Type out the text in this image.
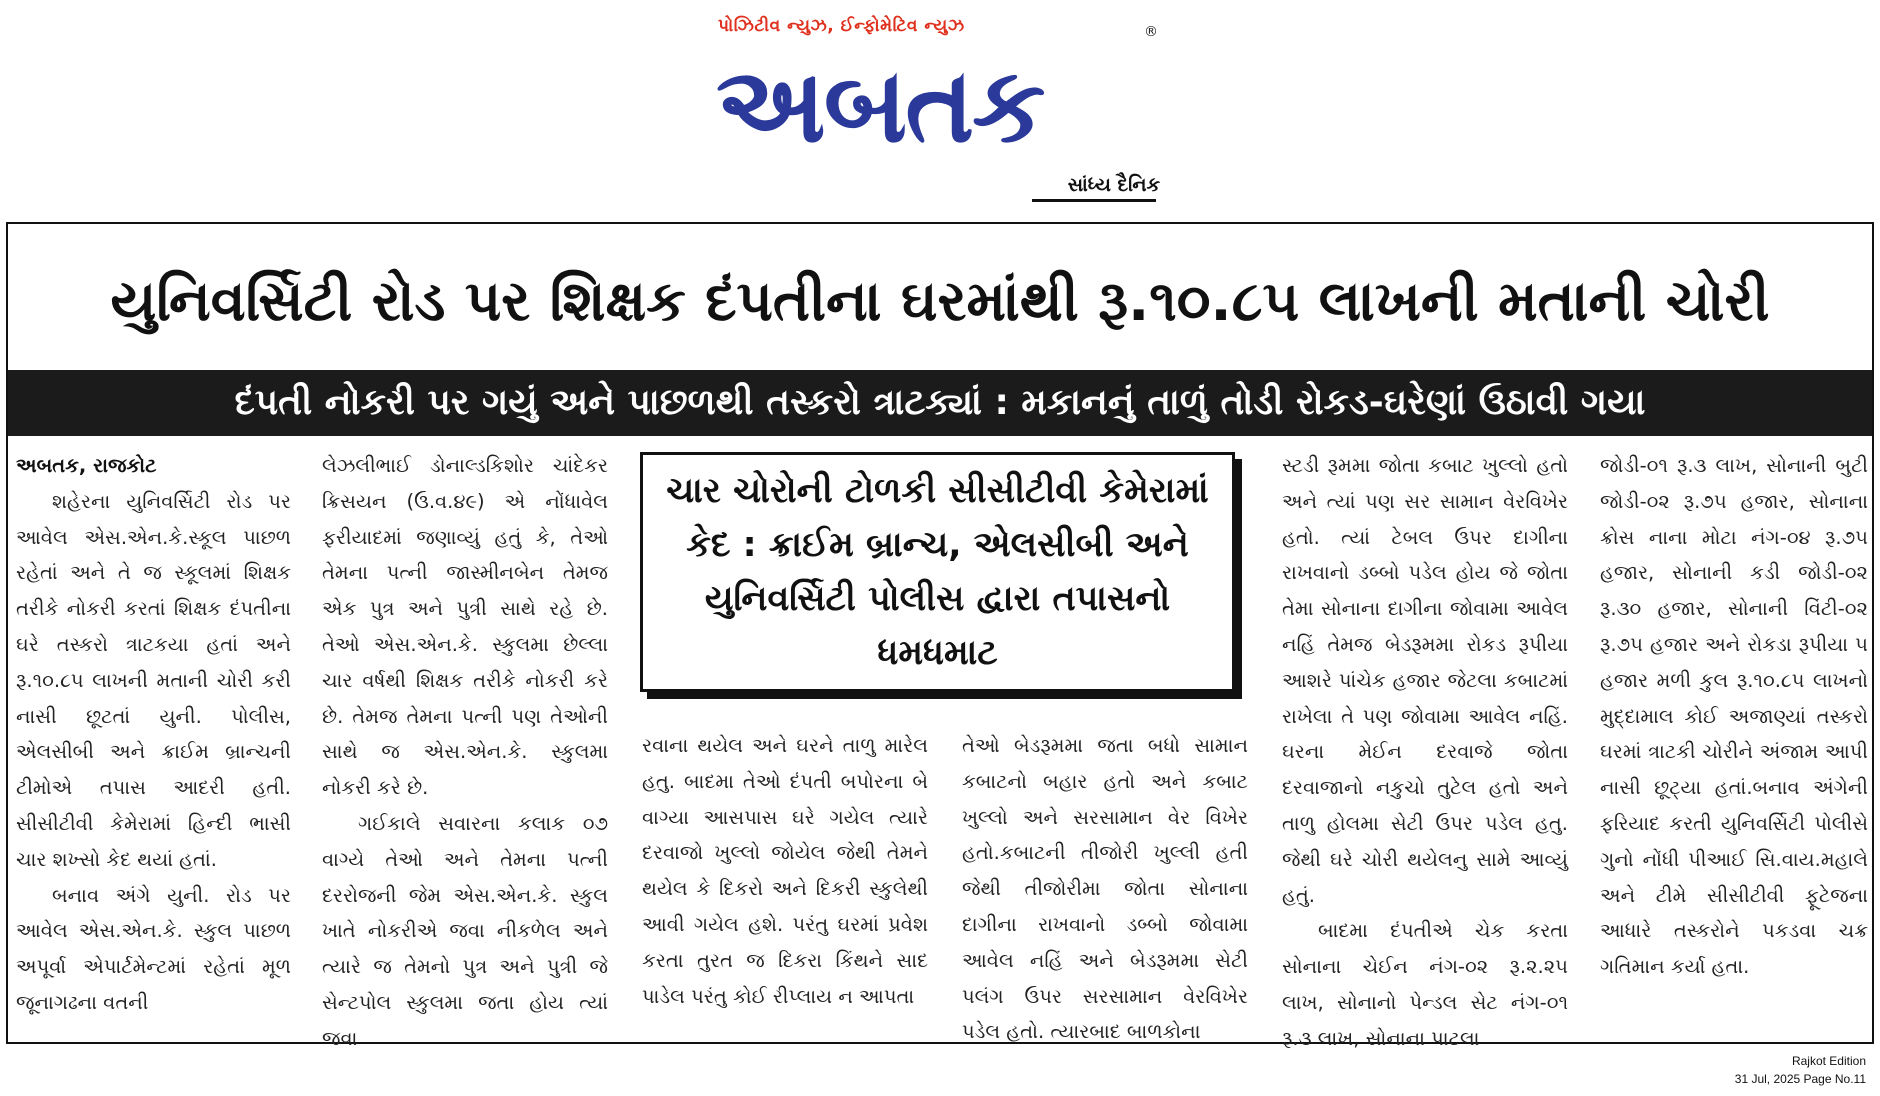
પોઝિટીવ ન્યુઝ, ઈન્ફોમેટિવ ન્યુઝ	®
અબતક
સાંધ્ય દૈનિક
યુનિવર્સિટી રોડ પર શિક્ષક દંપતીના ઘરમાંથી રૂ.૧૦.૮૫ લાખની મતાની ચોરી
દંપતી નોકરી પર ગયું અને પાછળથી તસ્કરો ત્રાટક્યાં : મકાનનું તાળું તોડી રોકડ-ઘરેણાં ઉઠાવી ગયા

અબતક, રાજકોટ

શહેરના યુનિવર્સિટી રોડ પર આવેલ એસ.એન.કે.સ્કૂલ પાછળ રહેતાં અને તે જ સ્કૂલમાં શિક્ષક તરીકે નોકરી કરતાં શિક્ષક દંપતીના ઘરે તસ્કરો ત્રાટકયા હતાં અને રૂ.૧૦.૮૫ લાખની મતાની ચોરી કરી નાસી છૂટતાં યુની. પોલીસ, એલસીબી અને ક્રાઈમ બ્રાન્ચની ટીમોએ તપાસ આદરી હતી. સીસીટીવી કેમેરામાં હિન્દી ભાસી ચાર શખ્સો કેદ થયાં હતાં.

બનાવ અંગે યુની. રોડ પર આવેલ એસ.એન.કે. સ્કુલ પાછળ અપૂર્વા એપાર્ટમેન્ટમાં રહેતાં મૂળ જૂનાગઢના વતની

લેઝલીભાઈ ડોનાલ્ડકિશોર ચાંદેકર ક્રિસયન (ઉ.વ.૪૯) એ નોંધાવેલ ફરીયાદમાં જણાવ્યું હતું કે, તેઓ તેમના પત્ની જાસ્મીનબેન તેમજ એક પુત્ર અને પુત્રી સાથે રહે છે. તેઓ એસ.એન.કે. સ્કુલમા છેલ્લા ચાર વર્ષથી શિક્ષક તરીકે નોકરી કરે છે. તેમજ તેમના પત્ની પણ તેઓની સાથે જ એસ.એન.કે. સ્કુલમા નોકરી કરે છે.

ગઈકાલે સવારના કલાક ૦૭ વાગ્યે તેઓ અને તેમના પત્ની દરરોજની જેમ એસ.એન.કે. સ્કુલ ખાતે નોકરીએ જવા નીકળેલ અને ત્યારે જ તેમનો પુત્ર અને પુત્રી જે સેન્ટપોલ સ્કુલમા જતા હોય ત્યાં જવા

ચાર ચોરોની ટોળકી સીસીટીવી કેમેરામાં કેદ : ક્રાઈમ બ્રાન્ચ, એલસીબી અને યુનિવર્સિટી પોલીસ દ્વારા તપાસનો ધમધમાટ

રવાના થયેલ અને ઘરને તાળુ મારેલ હતુ. બાદમા તેઓ દંપતી બપોરના બે વાગ્યા આસપાસ ઘરે ગયેલ ત્યારે દરવાજો ખુલ્લો જોયેલ જેથી તેમને થયેલ કે દિકરો અને દિકરી સ્કુલેથી આવી ગયેલ હશે. પરંતુ ઘરમાં પ્રવેશ કરતા તુરત જ દિકરા કિંથને સાદ પાડેલ પરંતુ કોઈ રીપ્લાય ન આપતા

તેઓ બેડરૂમમા જતા બધો સામાન કબાટનો બહાર હતો અને કબાટ ખુલ્લો અને સરસામાન વેર વિખેર હતો.કબાટની તીજોરી ખુલ્લી હતી જેથી તીજોરીમા જોતા સોનાના દાગીના રાખવાનો ડબ્બો જોવામા આવેલ નહિં અને બેડરૂમમા સેટી પલંગ ઉપર સરસામાન વેરવિખેર પડેલ હતો. ત્યારબાદ બાળકોના

સ્ટડી રૂમમા જોતા કબાટ ખુલ્લો હતો અને ત્યાં પણ સર સામાન વેરવિખેર હતો. ત્યાં ટેબલ ઉપર દાગીના રાખવાનો ડબ્બો પડેલ હોય જે જોતા તેમા સોનાના દાગીના જોવામા આવેલ નહિં તેમજ બેડરૂમમા રોકડ રૂપીયા આશરે પાંચેક હજાર જેટલા કબાટમાં રાખેલા તે પણ જોવામા આવેલ નહિં. ઘરના મેઈન દરવાજે જોતા દરવાજાનો નકુચો તુટેલ હતો અને તાળુ હોલમા સેટી ઉપર પડેલ હતુ. જેથી ઘરે ચોરી થયેલનુ સામે આવ્યું હતું.

બાદમા દંપતીએ ચેક કરતા સોનાના ચેઈન નંગ-૦૨ રૂ.૨.૨૫ લાખ, સોનાનો પેન્ડલ સેટ નંગ-૦૧ રૂ.૩ લાખ, સોનાના પાટલા

જોડી-૦૧ રૂ.૩ લાખ, સોનાની બુટી જોડી-૦૨ રૂ.૭૫ હજાર, સોનાના ક્રોસ નાના મોટા નંગ-૦૪ રૂ.૭૫ હજાર, સોનાની કડી જોડી-૦૨ રૂ.૩૦ હજાર, સોનાની વિંટી-૦૨ રૂ.૭૫ હજાર અને રોકડા રૂપીયા ૫ હજાર મળી કુલ રૂ.૧૦.૮૫ લાખનો મુદ્દામાલ કોઈ અજાણ્યાં તસ્કરો ઘરમાં ત્રાટકી ચોરીને અંજામ આપી નાસી છૂટ્યા હતાં.બનાવ અંગેની ફરિયાદ કરતી યુનિવર્સિટી પોલીસે ગુનો નોંધી પીઆઈ સિ.વાય.મહાલે અને ટીમે સીસીટીવી ફૂટેજના આધારે તસ્કરોને પકડવા ચક્ર ગતિમાન કર્યા હતા.

Rajkot Edition
31 Jul, 2025 Page No.11
